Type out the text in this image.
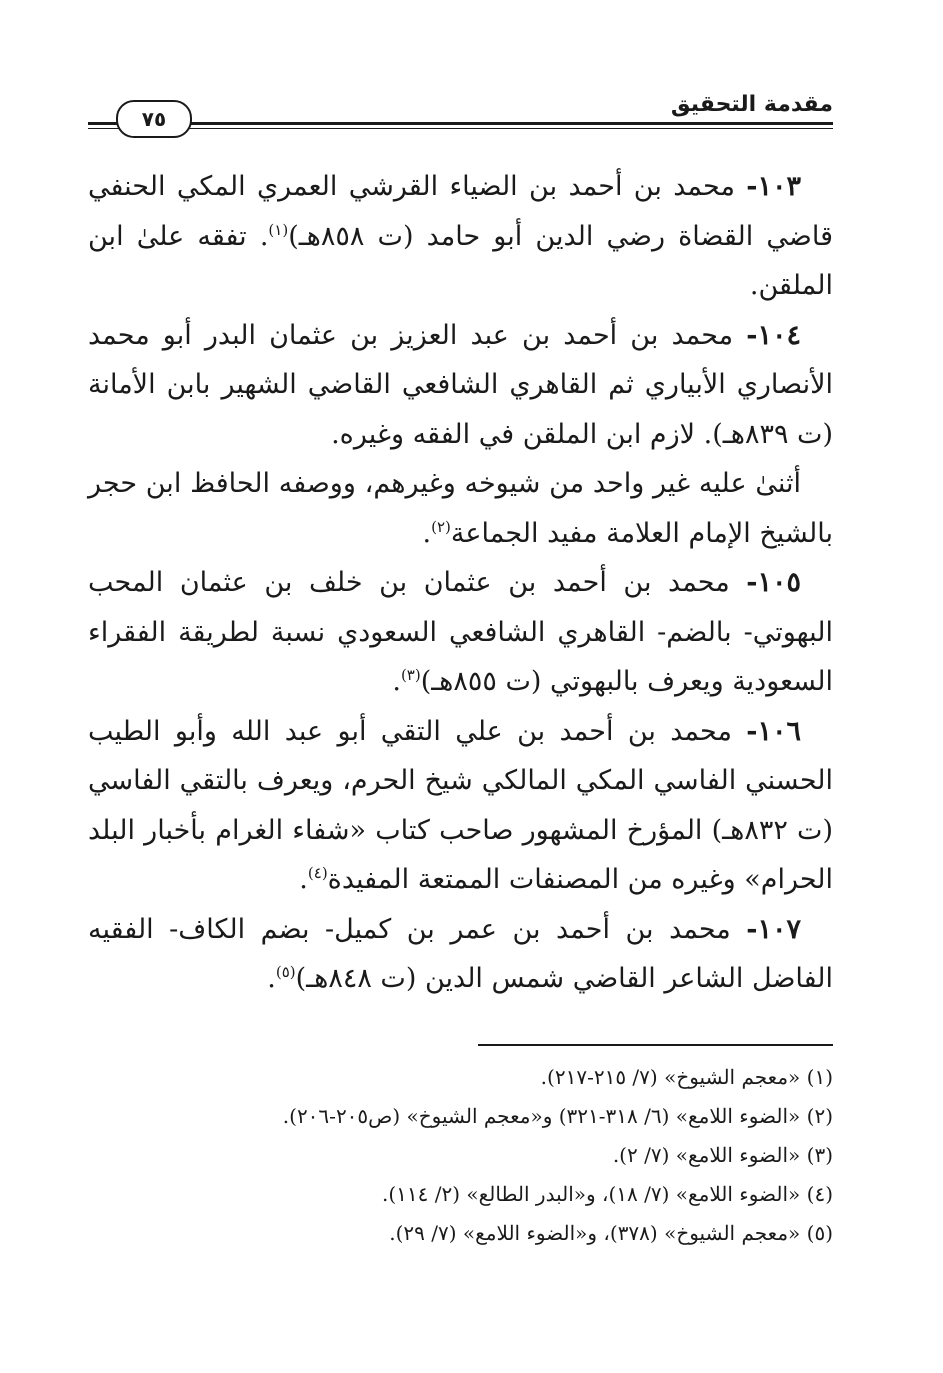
مقدمة التحقيق
٧٥

١٠٣- محمد بن أحمد بن الضياء القرشي العمري المكي الحنفي قاضي القضاة رضي الدين أبو حامد (ت ٨٥٨هـ)$^{(١)}$. تفقه علىٰ ابن الملقن.

١٠٤- محمد بن أحمد بن عبد العزيز بن عثمان البدر أبو محمد الأنصاري الأبياري ثم القاهري الشافعي القاضي الشهير بابن الأمانة (ت ٨٣٩هـ). لازم ابن الملقن في الفقه وغيره.

أثنىٰ عليه غير واحد من شيوخه وغيرهم، ووصفه الحافظ ابن حجر بالشيخ الإمام العلامة مفيد الجماعة$^{(٢)}$.

١٠٥- محمد بن أحمد بن عثمان بن خلف بن عثمان المحب البهوتي- بالضم- القاهري الشافعي السعودي نسبة لطريقة الفقراء السعودية ويعرف بالبهوتي (ت ٨٥٥هـ)$^{(٣)}$.

١٠٦- محمد بن أحمد بن علي التقي أبو عبد الله وأبو الطيب الحسني الفاسي المكي المالكي شيخ الحرم، ويعرف بالتقي الفاسي (ت ٨٣٢هـ) المؤرخ المشهور صاحب كتاب «شفاء الغرام بأخبار البلد الحرام» وغيره من المصنفات الممتعة المفيدة$^{(٤)}$.

١٠٧- محمد بن أحمد بن عمر بن كميل- بضم الكاف- الفقيه الفاضل الشاعر القاضي شمس الدين (ت ٨٤٨هـ)$^{(٥)}$.

(١) «معجم الشيوخ» (٧/ ٢١٥-٢١٧).
(٢) «الضوء اللامع» (٦/ ٣١٨-٣٢١) و«معجم الشيوخ» (ص٢٠٥-٢٠٦).
(٣) «الضوء اللامع» (٧/ ٢).
(٤) «الضوء اللامع» (٧/ ١٨)، و«البدر الطالع» (٢/ ١١٤).
(٥) «معجم الشيوخ» (٣٧٨)، و«الضوء اللامع» (٧/ ٢٩).
